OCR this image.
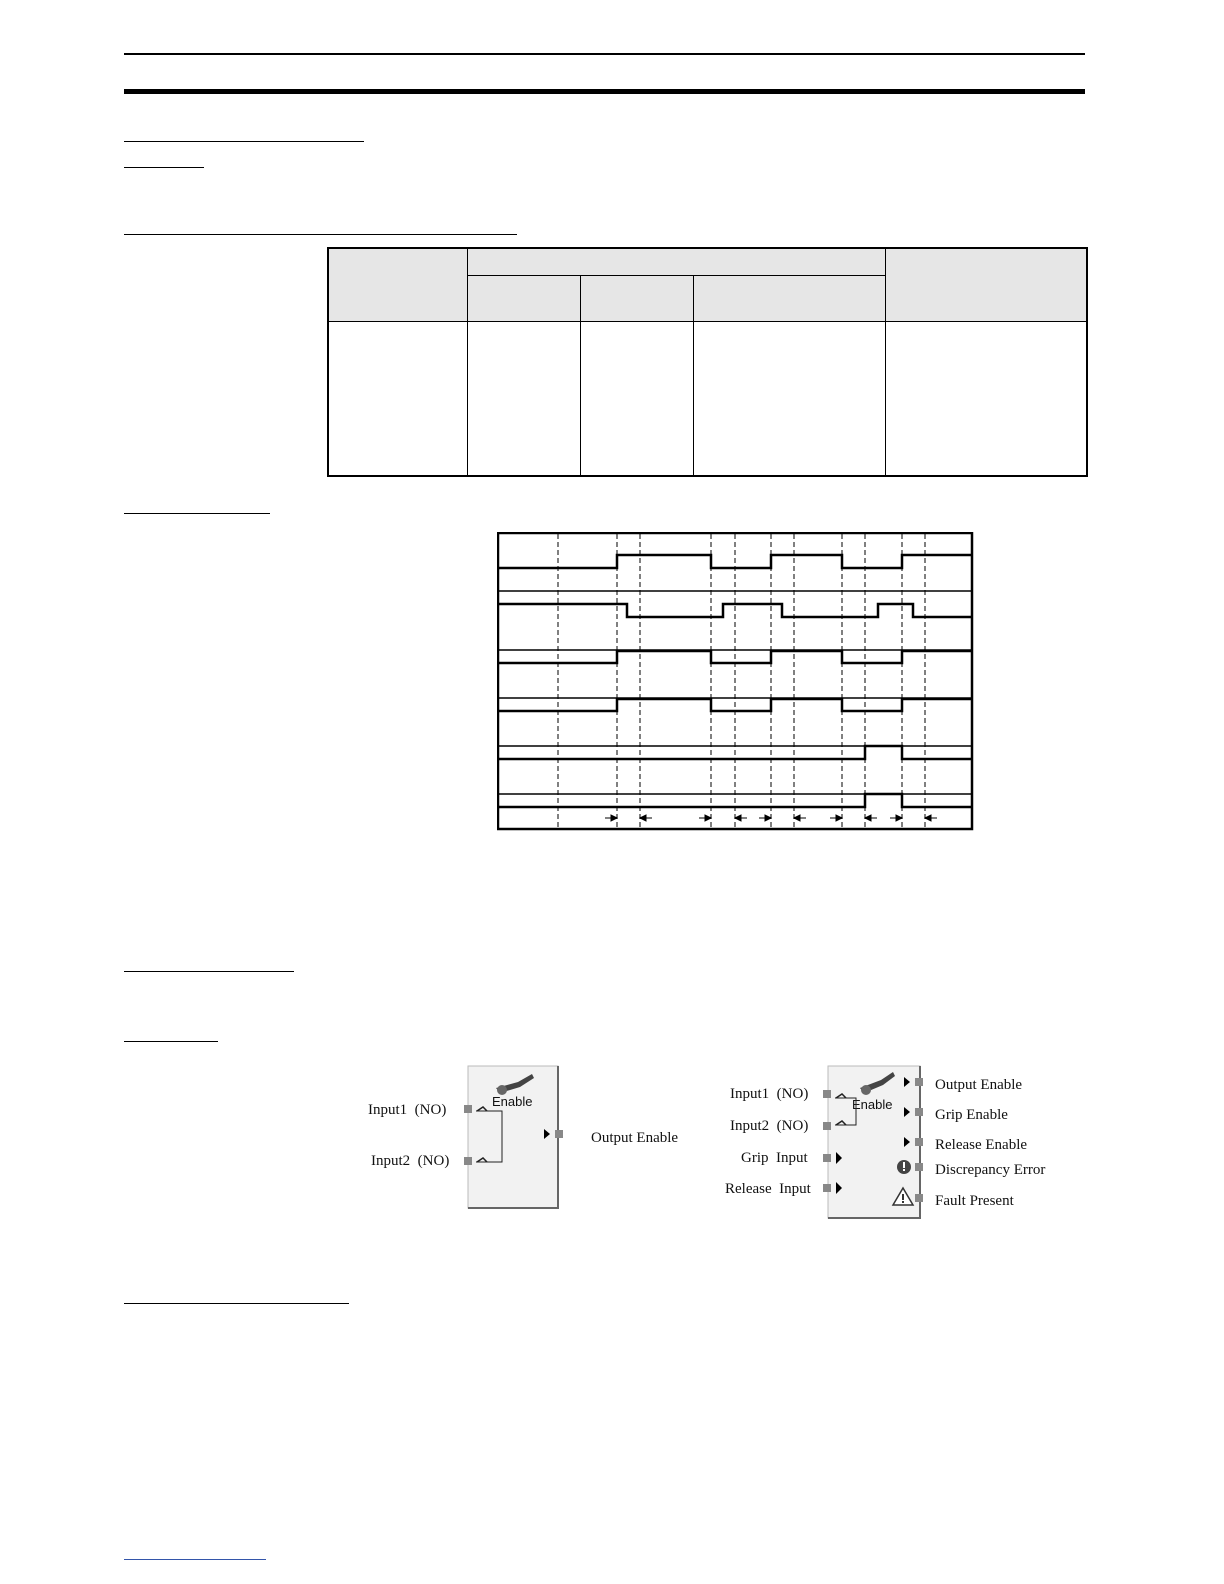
Enable
Input1  (NO)
Input2  (NO)
Output Enable
Enable
Input1  (NO)
Input2  (NO)
Grip  Input
Release  Input
Output Enable
Grip Enable
Release Enable
Discrepancy Error
Fault Present
